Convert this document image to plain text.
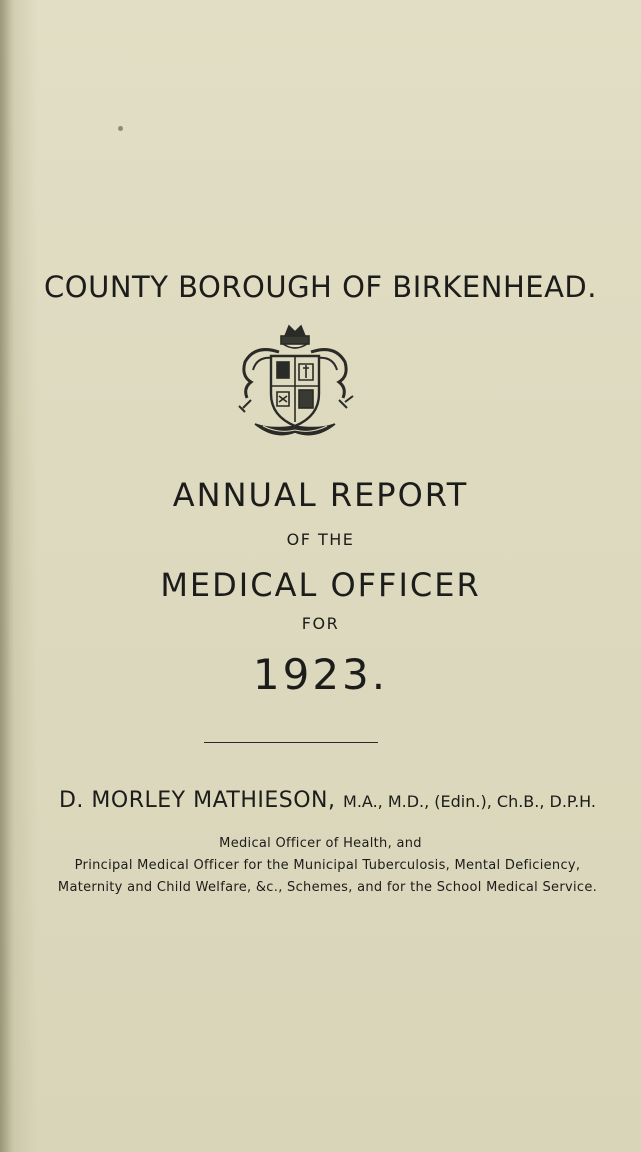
COUNTY BOROUGH OF BIRKENHEAD.
ANNUAL REPORT
OF THE
MEDICAL OFFICER
FOR
1923.
D. MORLEY MATHIESON, M.A., M.D., (Edin.), Ch.B., D.P.H.
Medical Officer of Health, and
Principal Medical Officer for the Municipal Tuberculosis, Mental Deficiency,
Maternity and Child Welfare, &c., Schemes, and for the School Medical Service.
